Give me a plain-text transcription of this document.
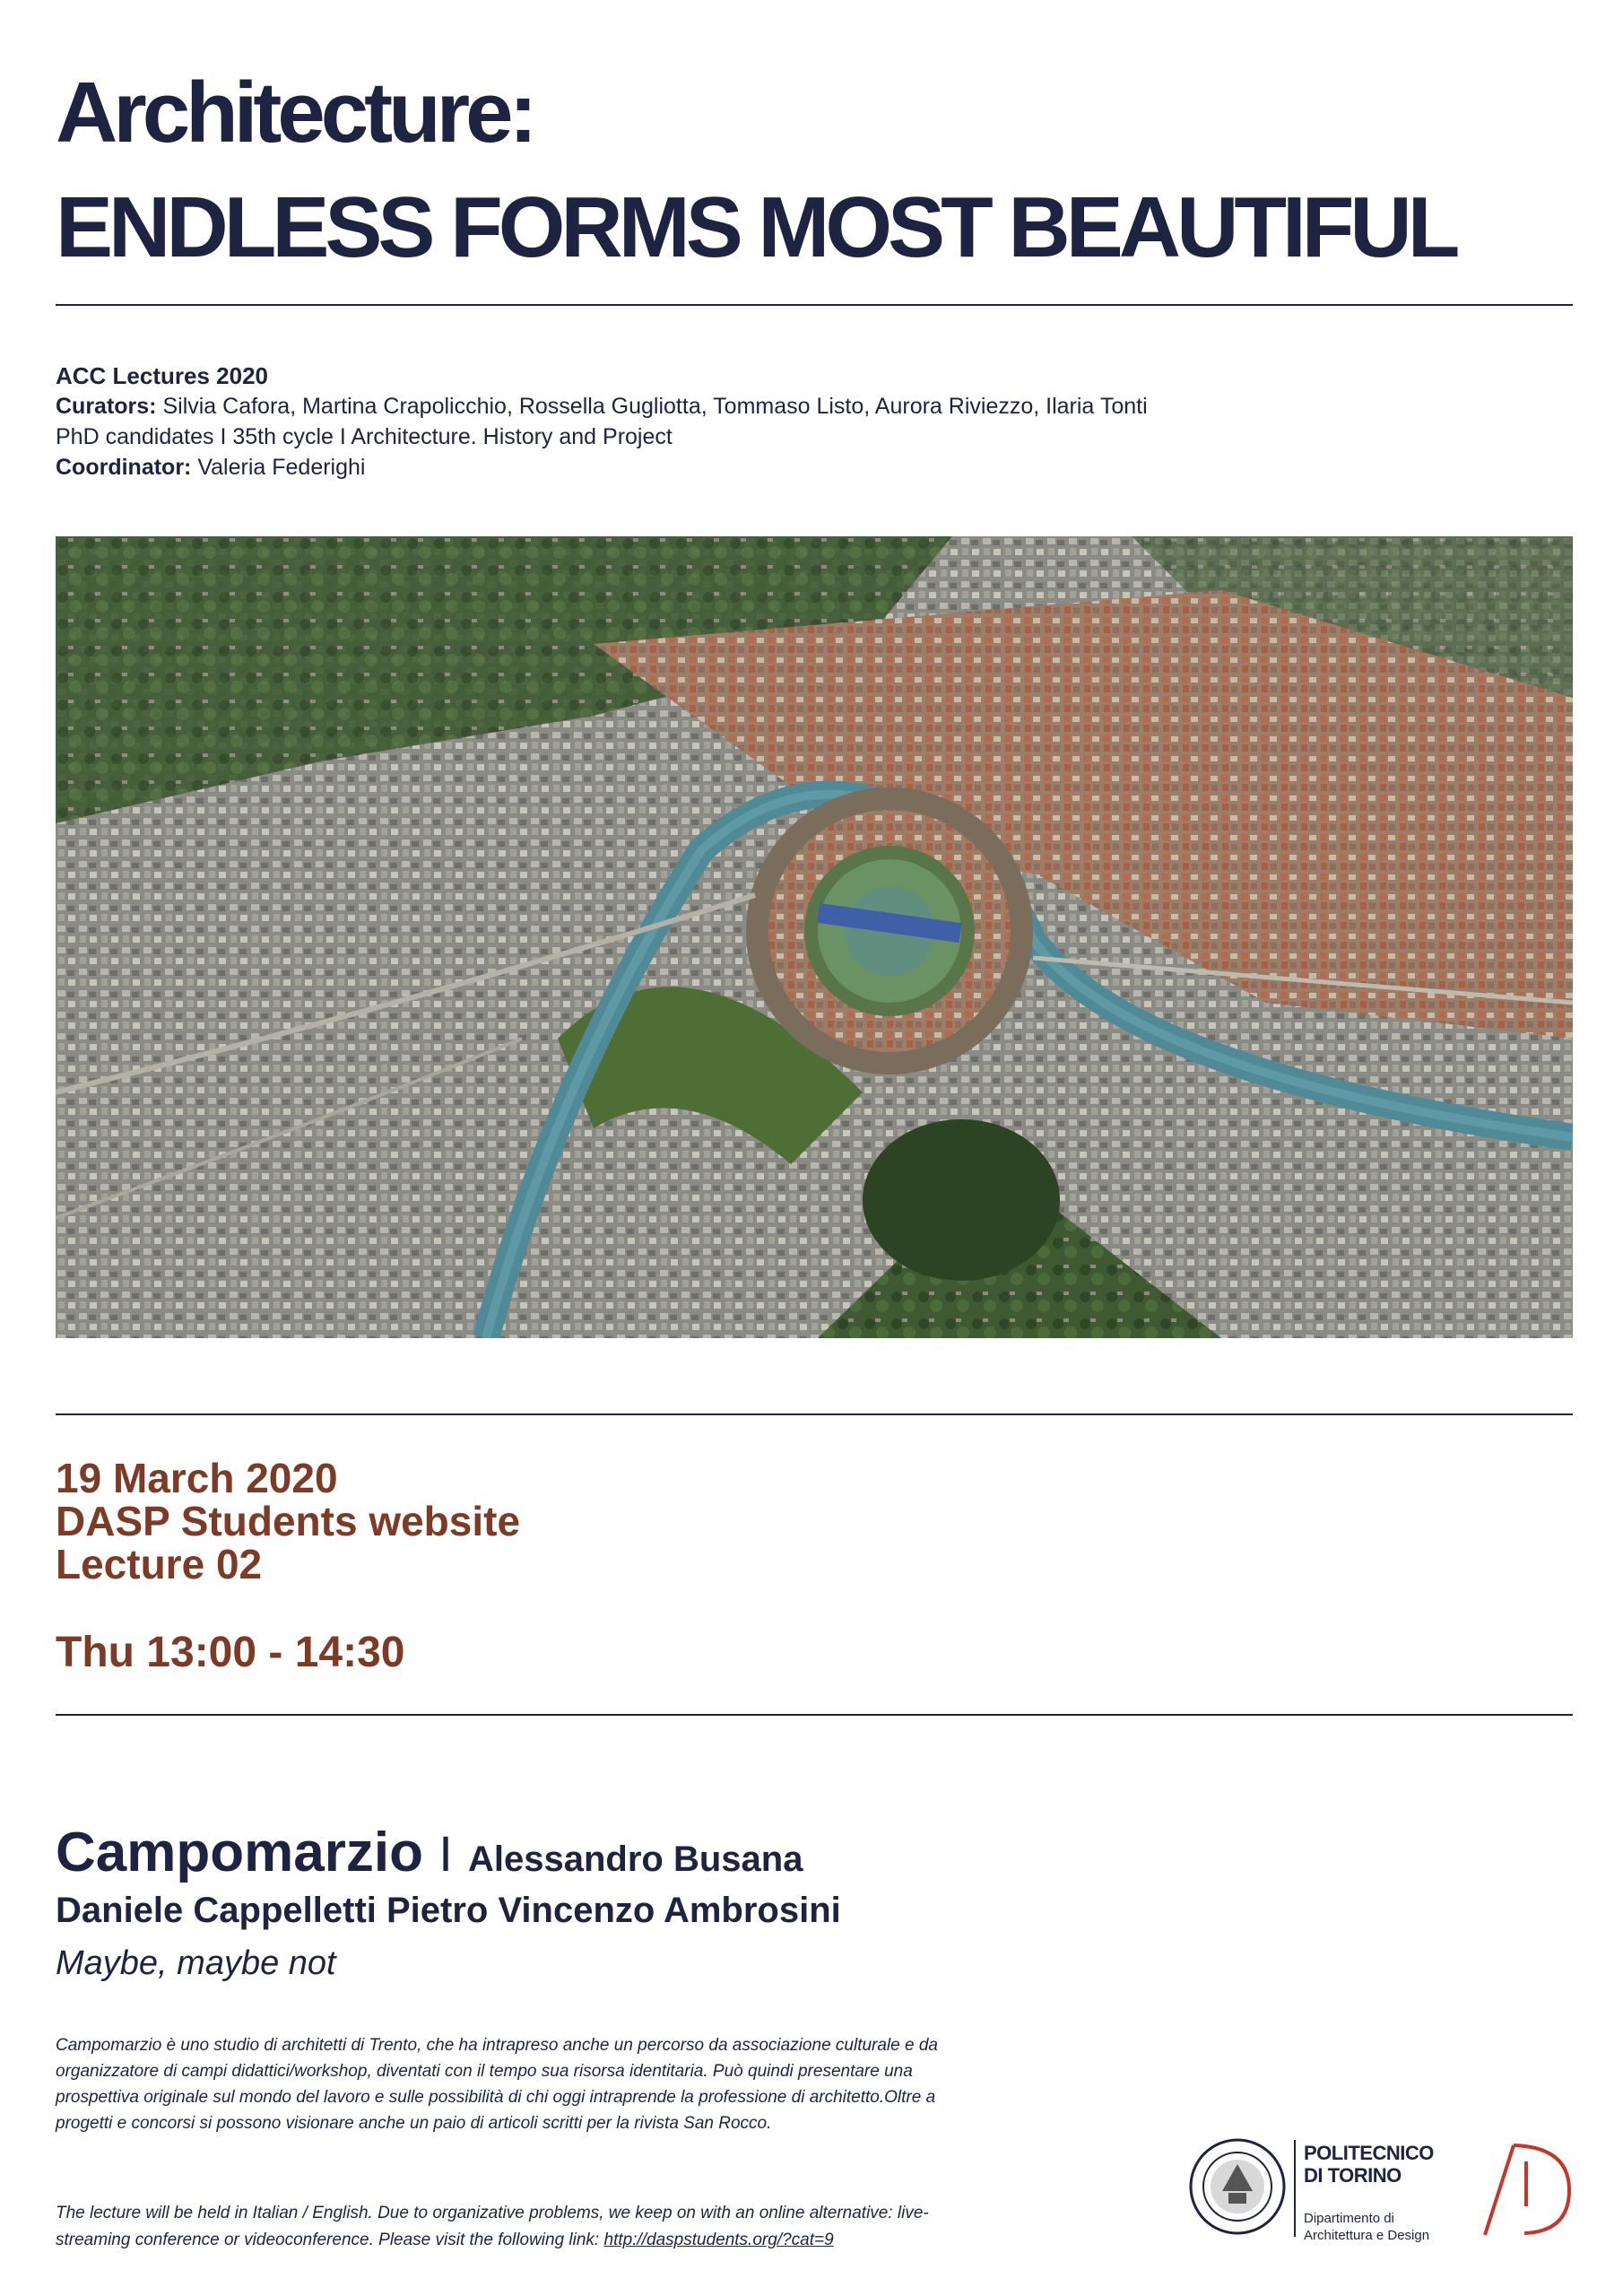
Architecture:
ENDLESS FORMS MOST BEAUTIFUL
ACC Lectures 2020
Curators: Silvia Cafora, Martina Crapolicchio, Rossella Gugliotta, Tommaso Listo, Aurora Riviezzo, Ilaria Tonti
PhD candidates I 35th cycle I Architecture. History and Project
Coordinator: Valeria Federighi
19 March 2020
DASP Students website
Lecture 02
Thu 13:00 - 14:30
Campomarzio I Alessandro Busana
Daniele Cappelletti Pietro Vincenzo Ambrosini
Maybe, maybe not
Campomarzio è uno studio di architetti di Trento, che ha intrapreso anche un percorso da associazione culturale e da organizzatore di campi didattici/workshop, diventati con il tempo sua risorsa identitaria. Può quindi presentare una prospettiva originale sul mondo del lavoro e sulle possibilità di chi oggi intraprende la professione di architetto.Oltre a progetti e concorsi si possono visionare anche un paio di articoli scritti per la rivista San Rocco.
The lecture will be held in Italian / English. Due to organizative problems, we keep on with an online alternative: live-streaming conference or videoconference. Please visit the following link: http://daspstudents.org/?cat=9
POLITECNICO
DI TORINO
Dipartimento di
Architettura e Design
